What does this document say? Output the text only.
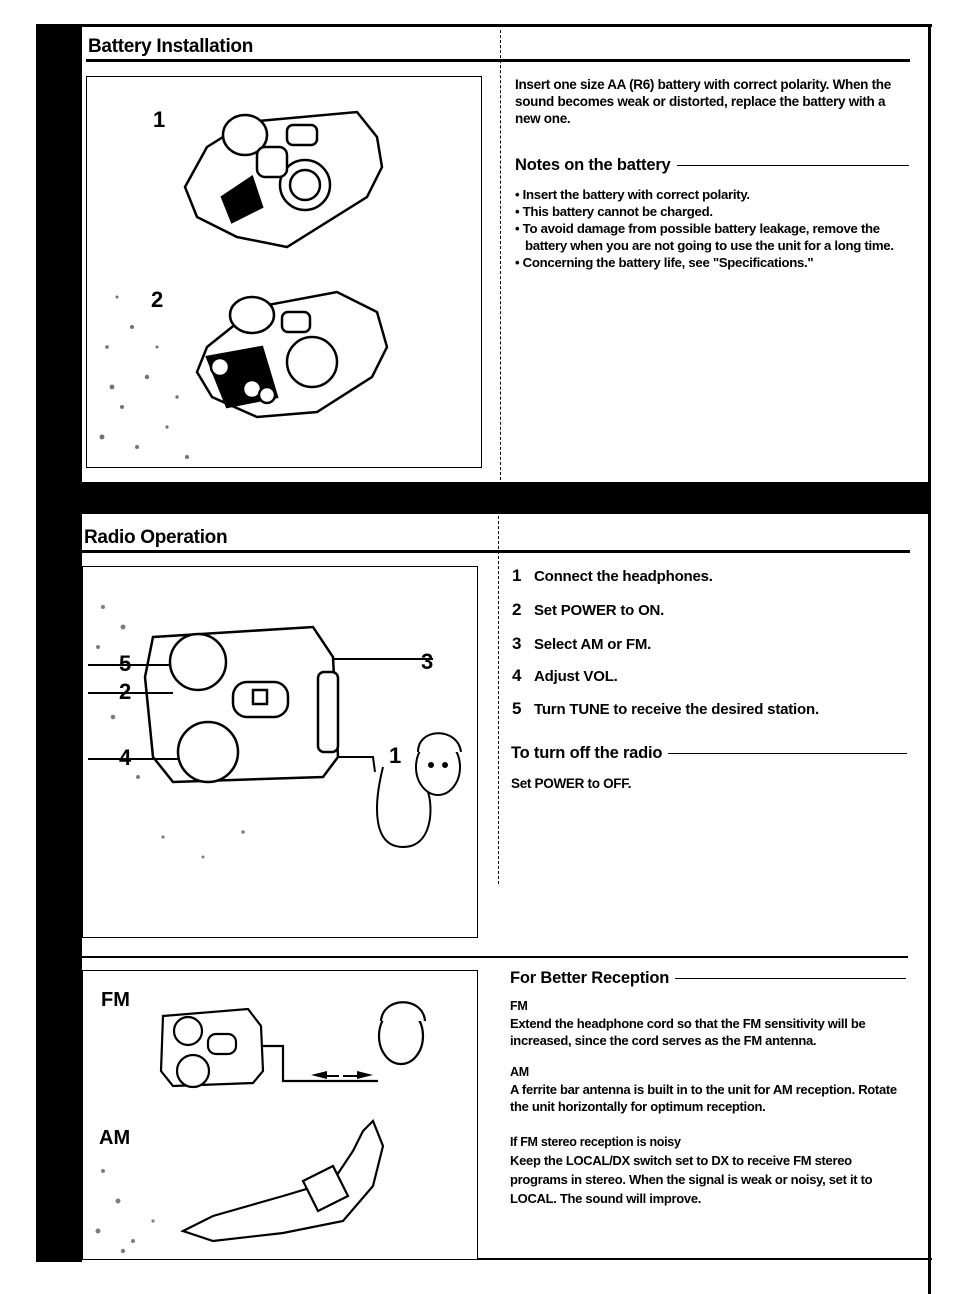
Battery Installation
1
2
Insert one size AA (R6) battery with correct polarity. When the sound becomes weak or distorted, replace the battery with a new one.
Notes on the battery
• Insert the battery with correct polarity.
• This battery cannot be charged.
• To avoid damage from possible battery leakage, remove the battery when you are not going to use the unit for a long time.
• Concerning the battery life, see "Specifications."
Radio Operation
5
2
4
3
1
1 Connect the headphones.
2 Set POWER to ON.
3 Select AM or FM.
4 Adjust VOL.
5 Turn TUNE to receive the desired station.
To turn off the radio
Set POWER to OFF.
FM
AM
For Better Reception
FM
Extend the headphone cord so that the FM sensitivity will be increased, since the cord serves as the FM antenna.
AM
A ferrite bar antenna is built in to the unit for AM reception. Rotate the unit horizontally for optimum reception.
If FM stereo reception is noisy
Keep the LOCAL/DX switch set to DX to receive FM stereo programs in stereo. When the signal is weak or noisy, set it to LOCAL. The sound will improve.
